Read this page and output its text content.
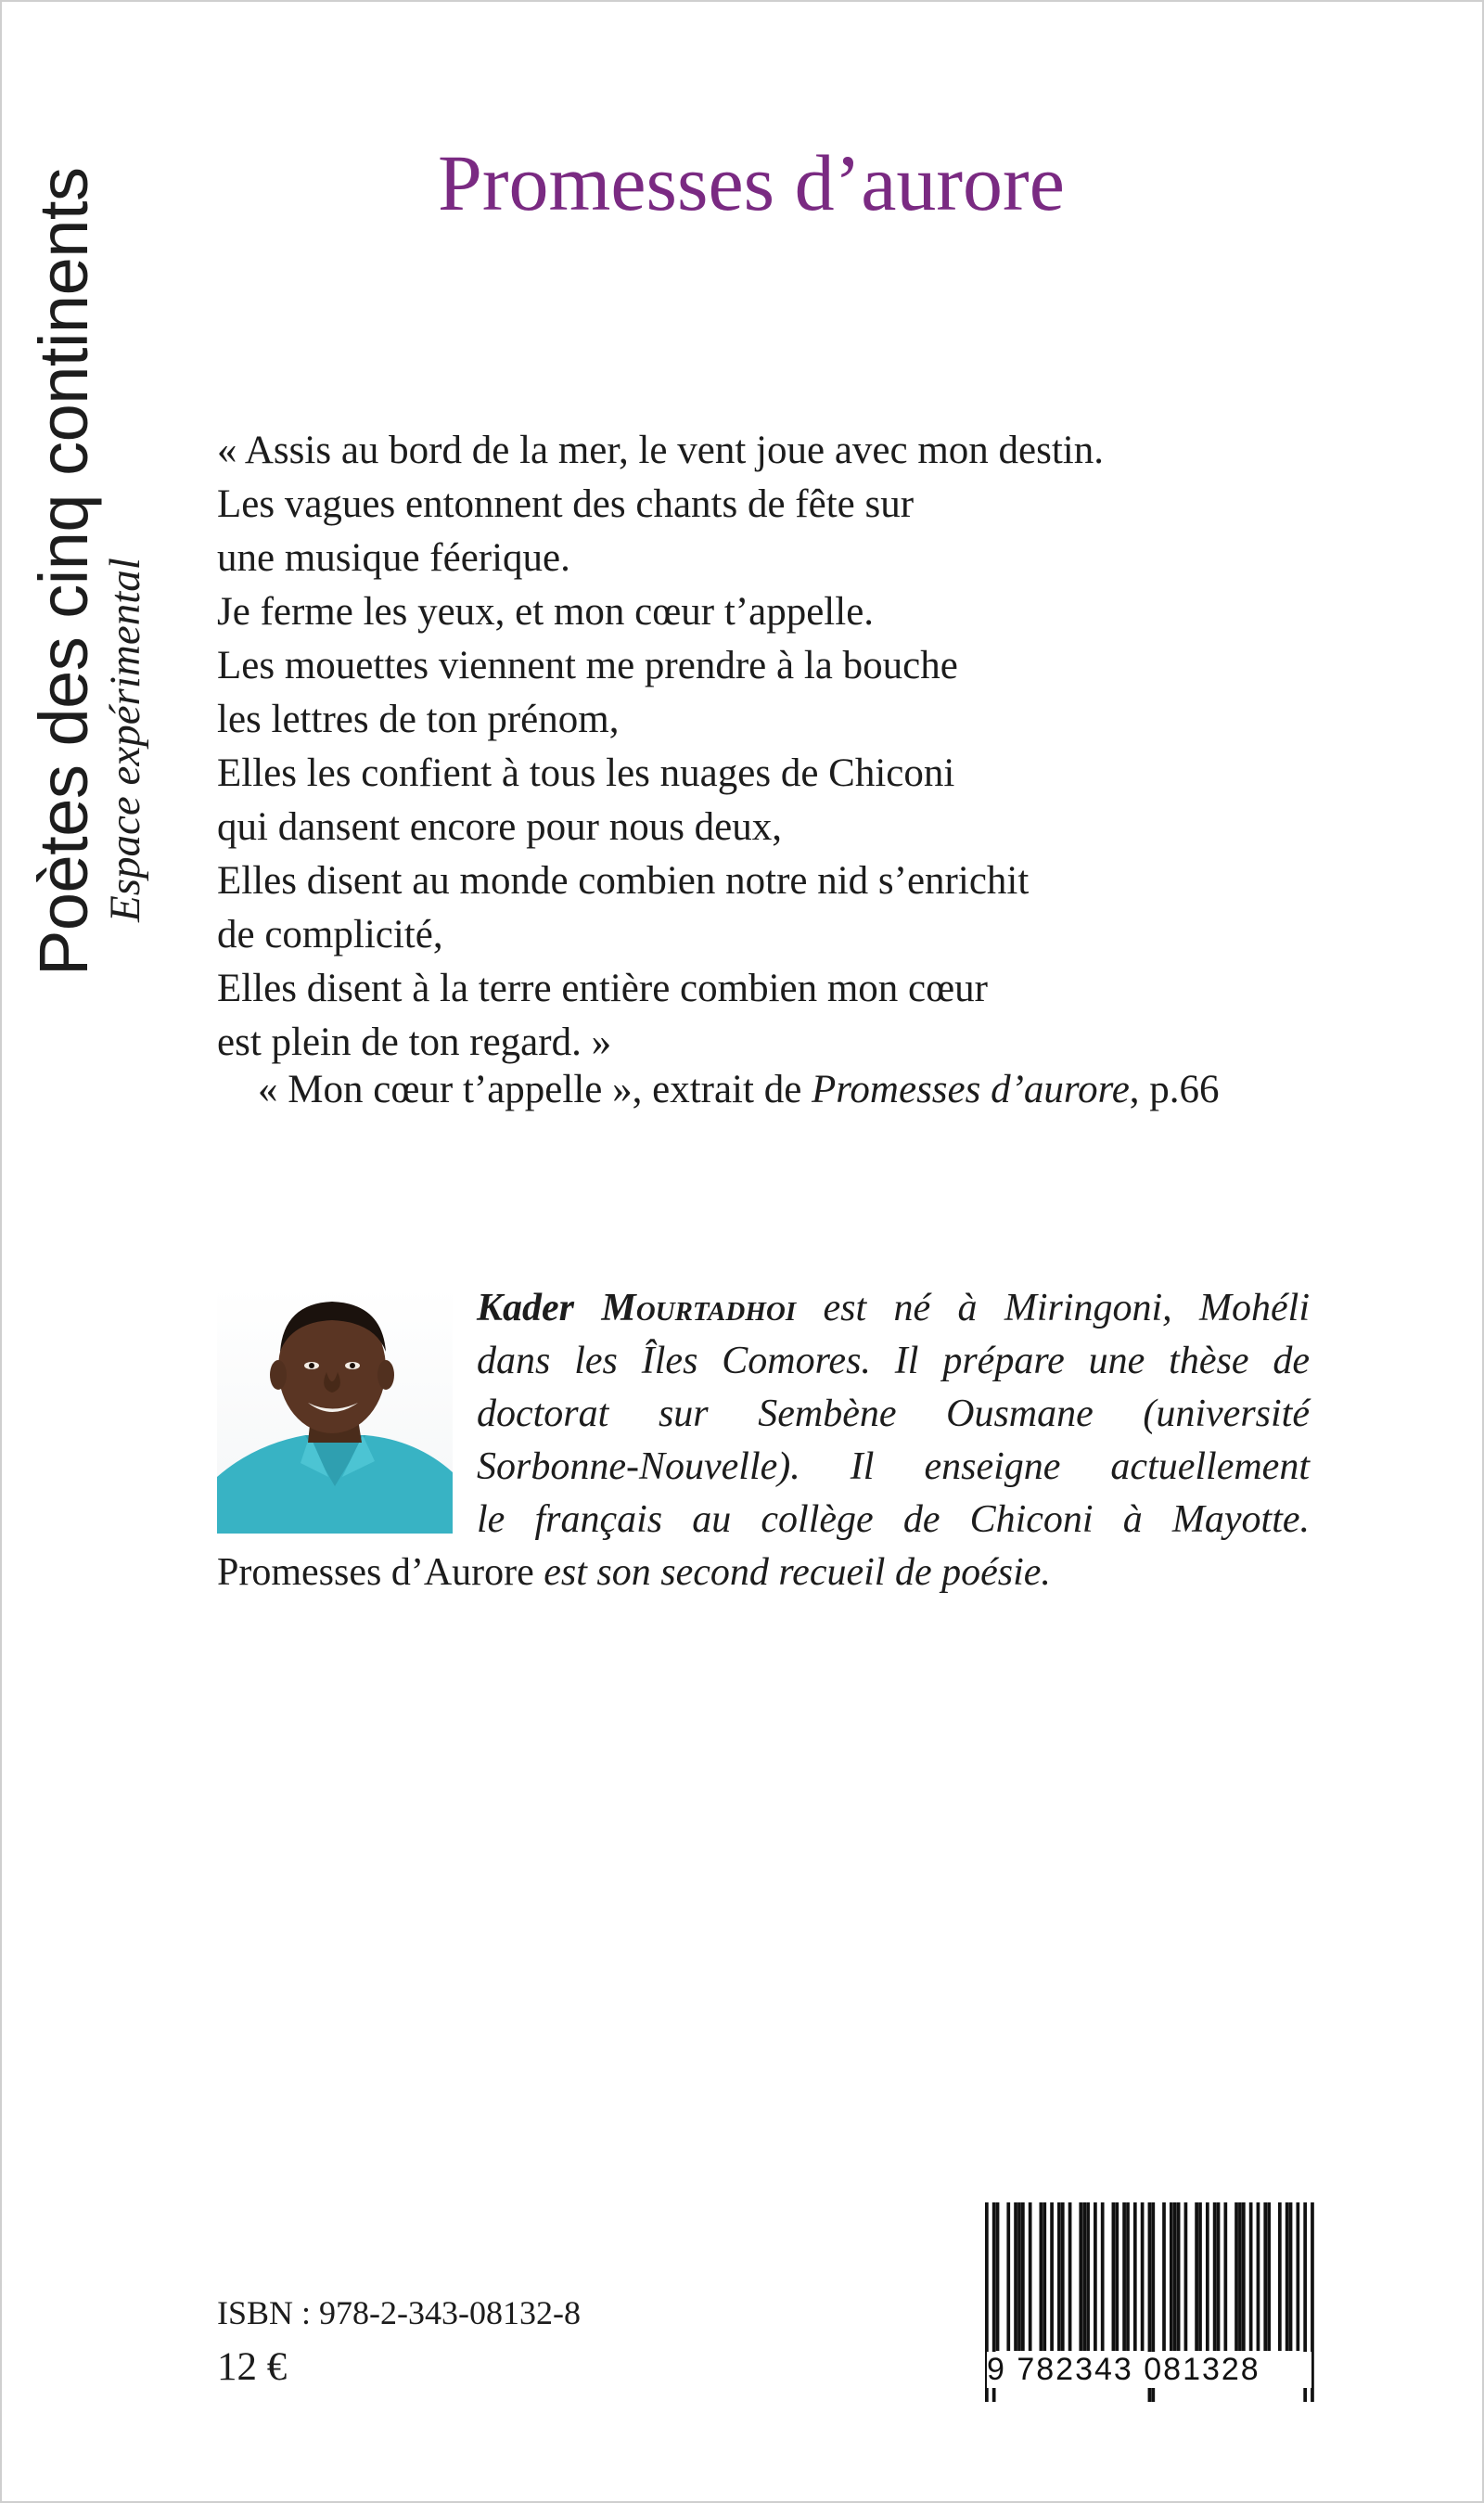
Poètes des cinq continents Espace expérimental
Promesses d’aurore
« Assis au bord de la mer, le vent joue avec mon destin.
Les vagues entonnent des chants de fête sur
une musique féerique.
Je ferme les yeux, et mon cœur t’appelle.
Les mouettes viennent me prendre à la bouche
les lettres de ton prénom,
Elles les confient à tous les nuages de Chiconi
qui dansent encore pour nous deux,
Elles disent au monde combien notre nid s’enrichit
de complicité,
Elles disent à la terre entière combien mon cœur
est plein de ton regard. »
« Mon cœur t’appelle », extrait de Promesses d’aurore, p.66
Kader Mourtadhoi est né à Miringoni, Mohéli
dans les Îles Comores. Il prépare une thèse de
doctorat sur Sembène Ousmane (université
Sorbonne-Nouvelle). Il enseigne actuellement
le français au collège de Chiconi à Mayotte.
Promesses d’Aurore est son second recueil de poésie.
ISBN : 978-2-343-08132-8
12 €	9 782343 081328
